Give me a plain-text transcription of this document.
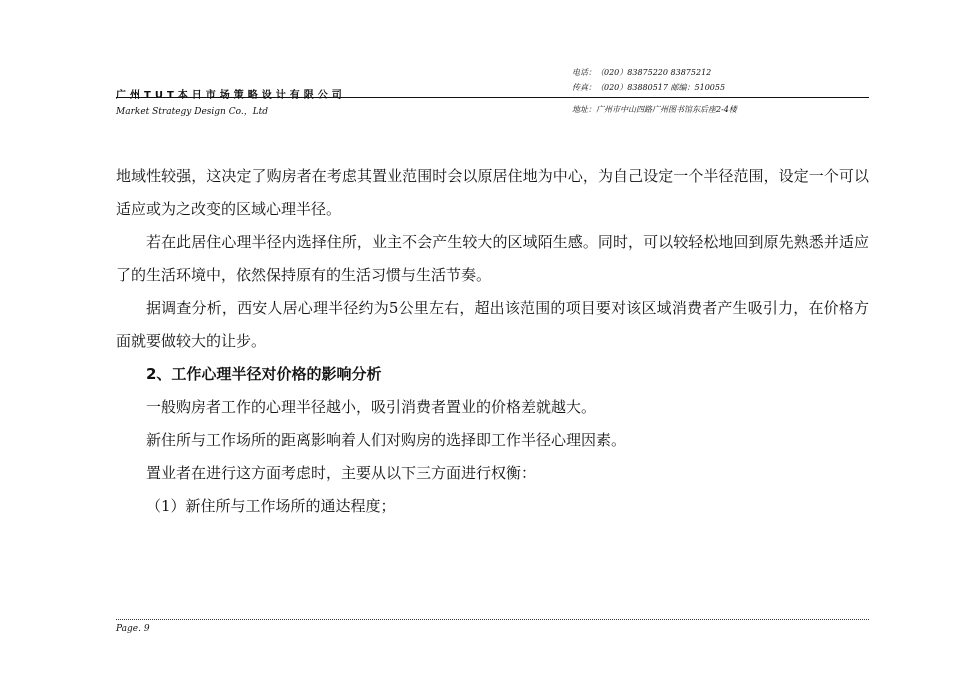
电话：（020）83875220 83875212
传真：（020）83880517 邮编：510055
广州TUT本日市场策略设计有限公司
Market Strategy Design Co.，Ltd	地址：广州市中山四路广州图书馆东后座2-4楼

地域性较强，这决定了购房者在考虑其置业范围时会以原居住地为中心，为自己设定一个半径范围，设定一个可以适应或为之改变的区域心理半径。

若在此居住心理半径内选择住所，业主不会产生较大的区域陌生感。同时，可以较轻松地回到原先熟悉并适应了的生活环境中，依然保持原有的生活习惯与生活节奏。

据调查分析，西安人居心理半径约为5公里左右，超出该范围的项目要对该区域消费者产生吸引力，在价格方面就要做较大的让步。

2、工作心理半径对价格的影响分析

一般购房者工作的心理半径越小，吸引消费者置业的价格差就越大。

新住所与工作场所的距离影响着人们对购房的选择即工作半径心理因素。

置业者在进行这方面考虑时，主要从以下三方面进行权衡：

（1）新住所与工作场所的通达程度；

Page. 9
